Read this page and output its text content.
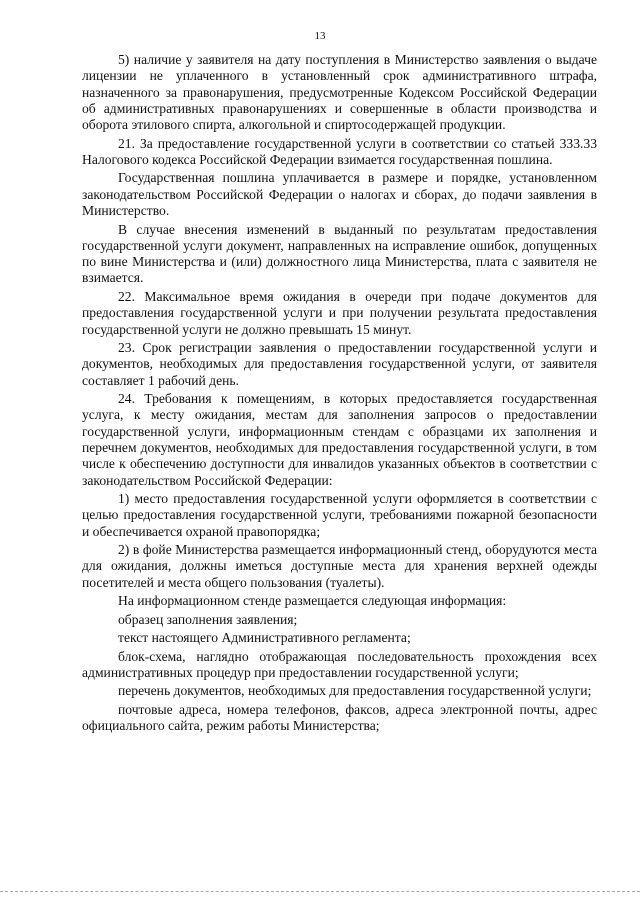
13

5) наличие у заявителя на дату поступления в Министерство заявления о выдаче лицензии не уплаченного в установленный срок административного штрафа, назначенного за правонарушения, предусмотренные Кодексом Российской Федерации об административных правонарушениях и совершенные в области производства и оборота этилового спирта, алкогольной и спиртосодержащей продукции.

21. За предоставление государственной услуги в соответствии со статьей 333.33 Налогового кодекса Российской Федерации взимается государственная пошлина.

Государственная пошлина уплачивается в размере и порядке, установленном законодательством Российской Федерации о налогах и сборах, до подачи заявления в Министерство.

В случае внесения изменений в выданный по результатам предоставления государственной услуги документ, направленных на исправление ошибок, допущенных по вине Министерства и (или) должностного лица Министерства, плата с заявителя не взимается.

22. Максимальное время ожидания в очереди при подаче документов для предоставления государственной услуги и при получении результата предоставления государственной услуги не должно превышать 15 минут.

23. Срок регистрации заявления о предоставлении государственной услуги и документов, необходимых для предоставления государственной услуги, от заявителя составляет 1 рабочий день.

24. Требования к помещениям, в которых предоставляется государственная услуга, к месту ожидания, местам для заполнения запросов о предоставлении государственной услуги, информационным стендам с образцами их заполнения и перечнем документов, необходимых для предоставления государственной услуги, в том числе к обеспечению доступности для инвалидов указанных объектов в соответствии с законодательством Российской Федерации:

1) место предоставления государственной услуги оформляется в соответствии с целью предоставления государственной услуги, требованиями пожарной безопасности и обеспечивается охраной правопорядка;

2) в фойе Министерства размещается информационный стенд, оборудуются места для ожидания, должны иметься доступные места для хранения верхней одежды посетителей и места общего пользования (туалеты).

На информационном стенде размещается следующая информация:

образец заполнения заявления;

текст настоящего Административного регламента;

блок-схема, наглядно отображающая последовательность прохождения всех административных процедур при предоставлении государственной услуги;

перечень документов, необходимых для предоставления государственной услуги;

почтовые адреса, номера телефонов, факсов, адреса электронной почты, адрес официального сайта, режим работы Министерства;
